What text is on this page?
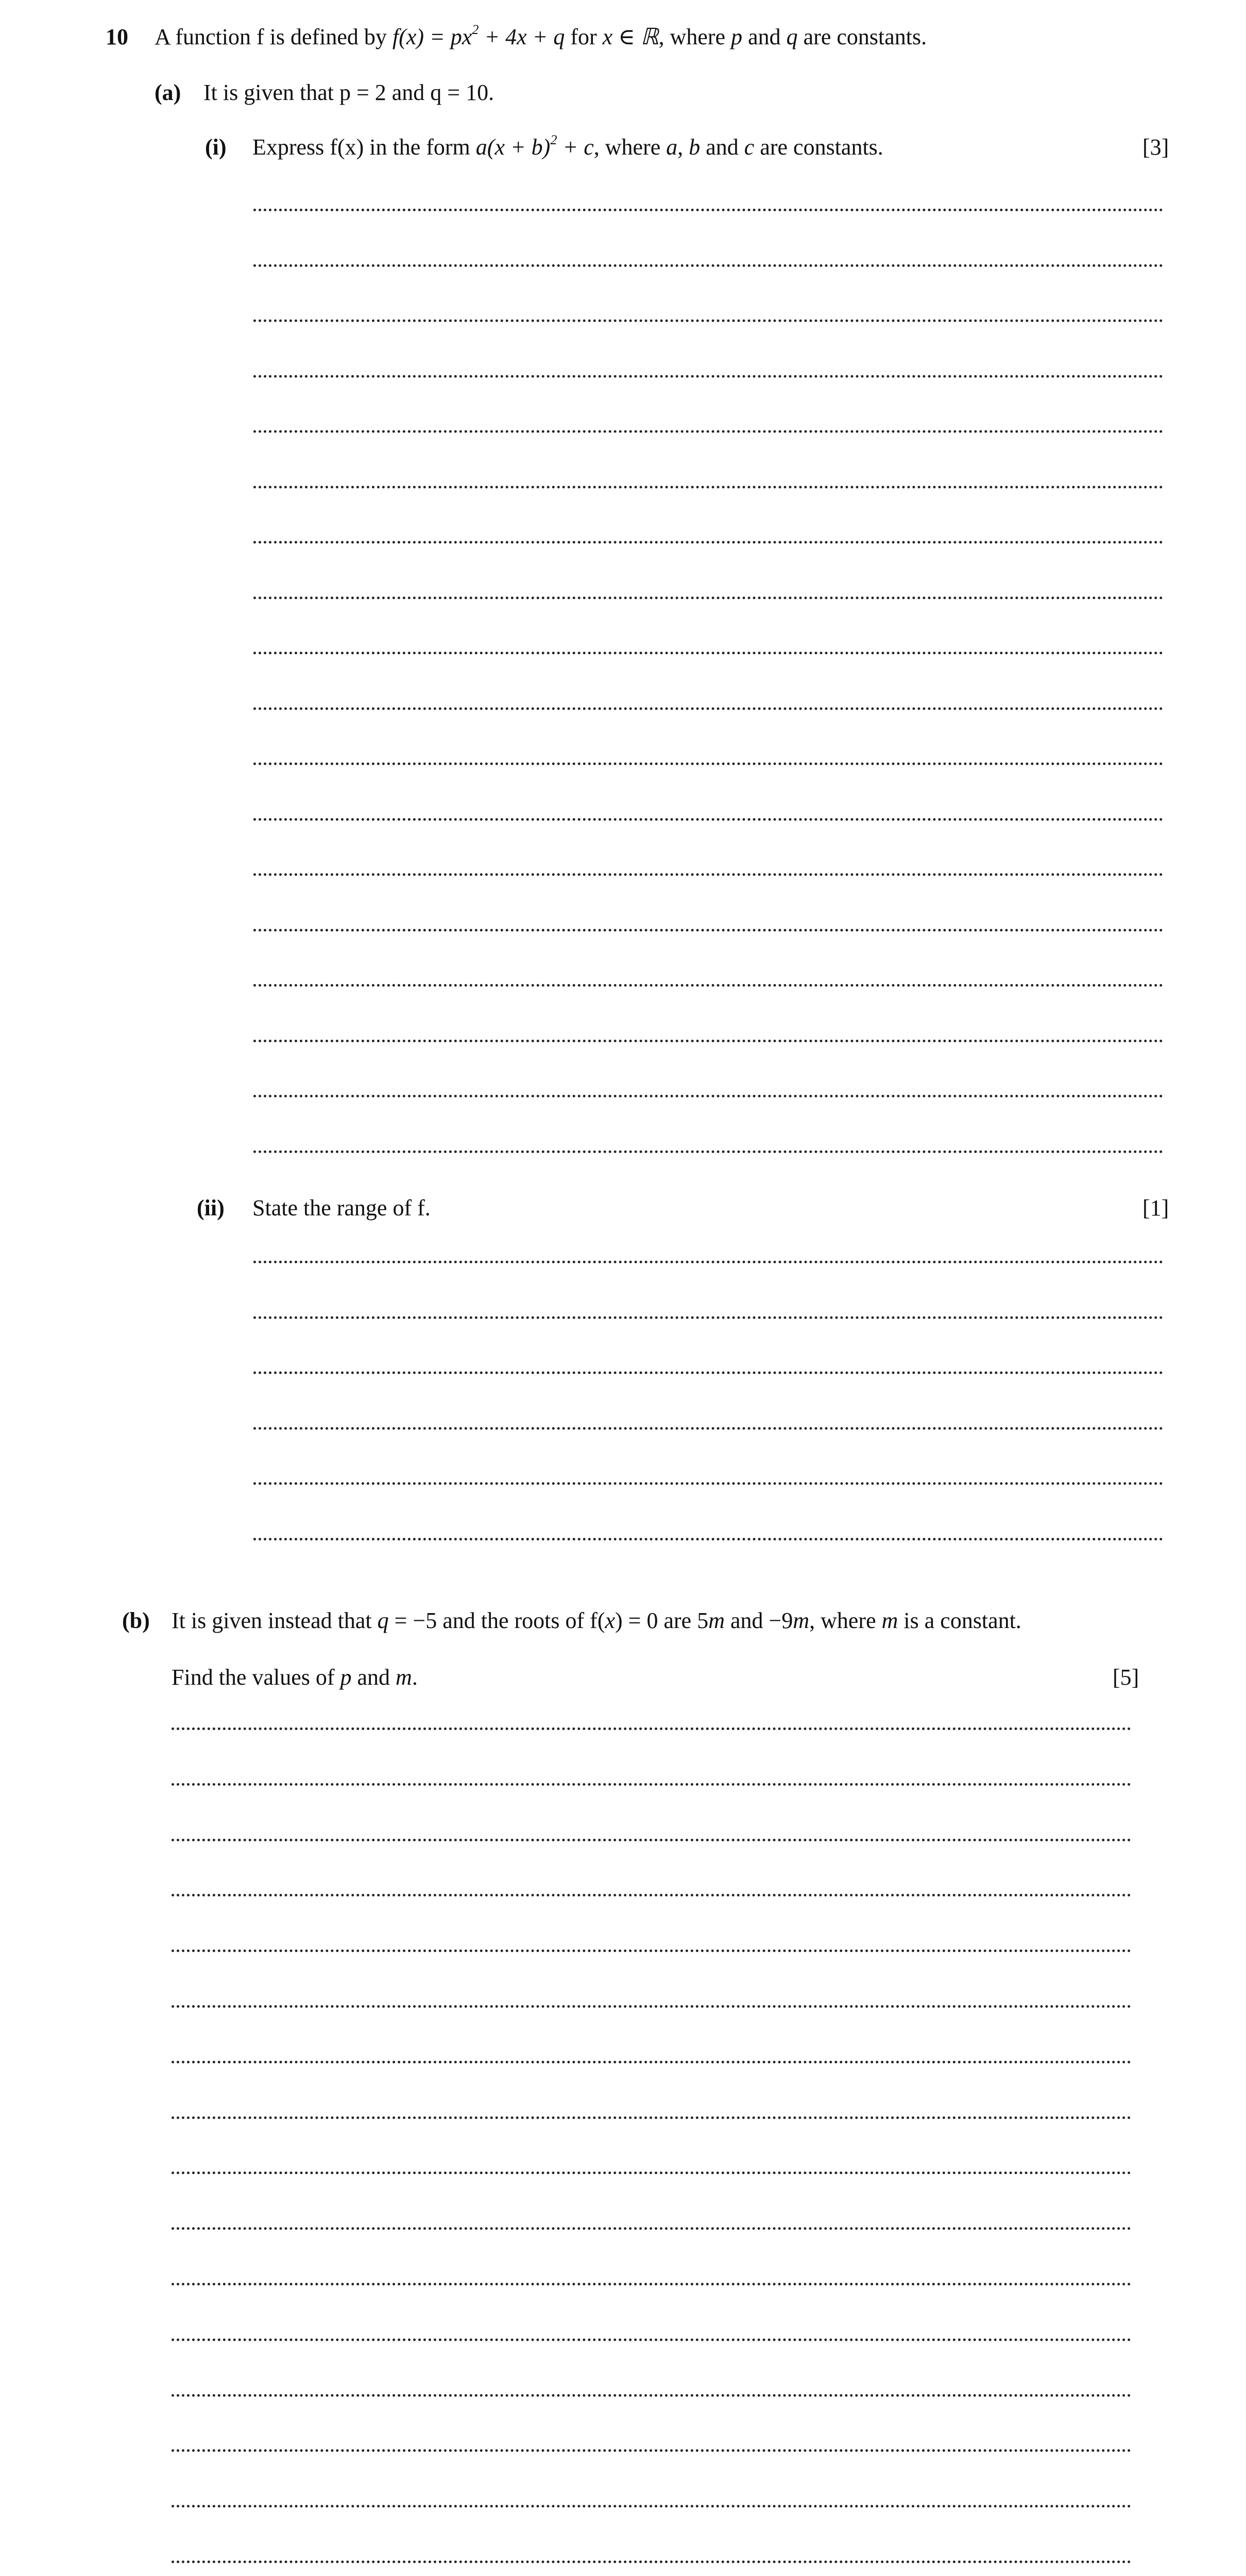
10 A function f is defined by $f(x) = px^2 + 4x + q$ for x ∈ ℝ, where p and q are constants.
(a) It is given that p = 2 and q = 10.
(i) Express f(x) in the form $a(x + b)^2 + c$, where a, b and c are constants.	[3]
(ii) State the range of f.	[1]
(b) It is given instead that q = −5 and the roots of f(x) = 0 are 5m and −9m, where m is a constant.
Find the values of p and m.	[5]
